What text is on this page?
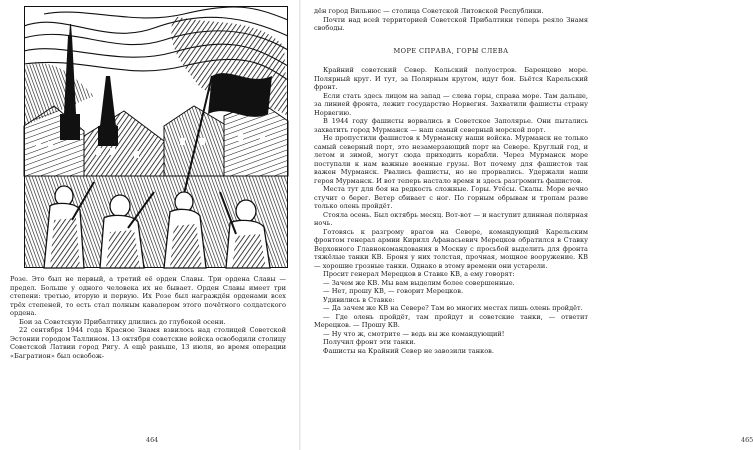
Розе. Это был не первый, а третий её орден Славы. Три ордена Славы — предел. Больше у одного человека их не бывает. Орден Славы имеет три степени: третью, вторую и первую. Их Розе был награждён орденами всех трёх степеней, то есть стал полным кавалером этого почётного солдатского ордена.

Бои за Советскую Прибалтику длились до глубокой осени.

22 сентября 1944 года Красное Знамя взвилось над столицей Советской Эстонии городом Таллином. 13 октября советские войска освободили столицу Советской Латвии город Ригу. А ещё раньше, 13 июля, во время операции «Багратион» был освобож-

464

дён город Вильнюс — столица Советской Литовской Республики.

Почти над всей территорией Советской Прибалтики теперь реяло Знамя свободы.

МОРЕ СПРАВА, ГОРЫ СЛЕВА

Крайний советский Север. Кольский полуостров. Баренцево море. Полярный круг. И тут, за Полярным кругом, идут бои. Бьётся Карельский фронт.

Если стать здесь лицом на запад — слева горы, справа море. Там дальше, за линией фронта, лежит государство Норвегия. Захватили фашисты страну Норвегию.

В 1944 году фашисты ворвались в Советское Заполярье. Они пытались захватить город Мурманск — наш самый северный морской порт.

Не пропустили фашистов к Мурманску наши войска. Мурманск не только самый северный порт, это незамерзающий порт на Севере. Круглый год, и летом и зимой, могут сюда приходить корабли. Через Мурманск море поступали к нам важные военные грузы. Вот почему для фашистов так важен Мурманск. Рвались фашисты, но не прорвались. Удержали наши героя Мурманск. И вот теперь настало время и здесь разгромить фашистов.

Места тут для боя на редкость сложные. Горы. Утёсы. Скалы. Море вечно стучит о берег. Ветер сбивает с ног. По горным обрывам и тропам разве только олень пройдёт.

Стояла осень. Был октябрь месяц. Вот-вот — и наступит длинная полярная ночь.

Готовясь к разгрому врагов на Севере, командующий Карельским фронтом генерал армии Кирилл Афанасьевич Мерецков обратился в Ставку Верховного Главнокомандования в Москву с просьбой выделить для фронта тяжёлые танки КВ. Броня у них толстая, прочная, мощное вооружение. КВ — хорошие грозные танки. Однако в этому времени они устарели.

Просит генерал Мерецков в Ставке КВ, а ему говорят:

— Зачем же КВ. Мы вам выделим более совершенные.

— Нет, прошу КВ, — говорит Мерецков.

Удивились в Ставке:

— Да зачем же КВ на Севере? Там во многих местах лишь олень пройдёт.

— Где олень пройдёт, там пройдут и советские танки, — ответит Мерецков. — Прошу КВ.

— Ну что ж, смотрите — ведь вы же командующий!

Получил фронт эти танки.

Фашисты на Крайний Север не завозили танков.

465
